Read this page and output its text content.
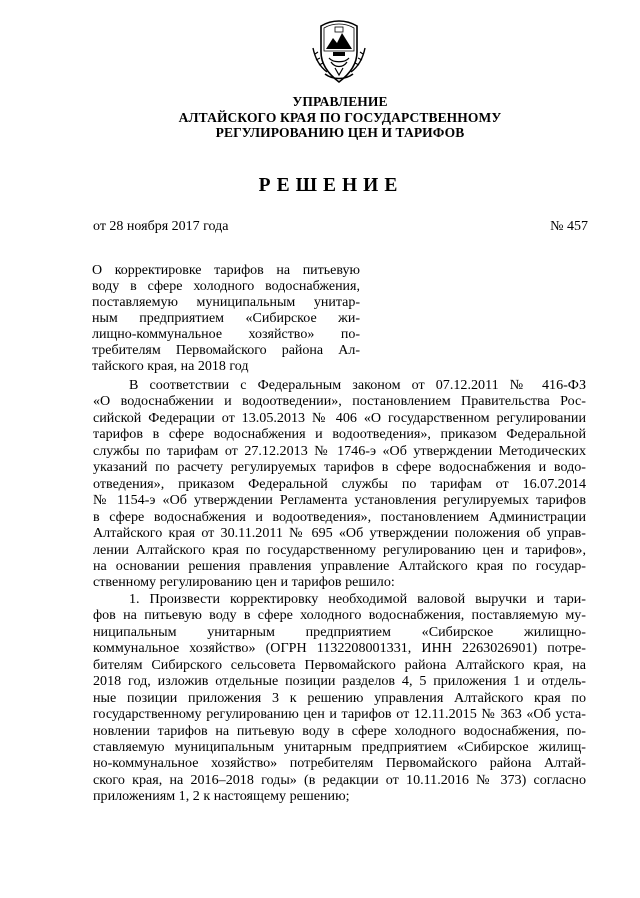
УПРАВЛЕНИЕ
АЛТАЙСКОГО КРАЯ ПО ГОСУДАРСТВЕННОМУ
РЕГУЛИРОВАНИЮ ЦЕН И ТАРИФОВ
РЕШЕНИЕ
от 28 ноября 2017 года	№ 457
О корректировке тарифов на питьевую
воду в сфере холодного водоснабжения,
поставляемую муниципальным унитар-
ным предприятием «Сибирское жи-
лищно-коммунальное хозяйство» по-
требителям Первомайского района Ал-
тайского края, на 2018 год
В соответствии с Федеральным законом от 07.12.2011 № 416-ФЗ
«О водоснабжении и водоотведении», постановлением Правительства Рос-
сийской Федерации от 13.05.2013 № 406 «О государственном регулировании
тарифов в сфере водоснабжения и водоотведения», приказом Федеральной
службы по тарифам от 27.12.2013 № 1746-э «Об утверждении Методических
указаний по расчету регулируемых тарифов в сфере водоснабжения и водо-
отведения», приказом Федеральной службы по тарифам от 16.07.2014
№ 1154-э «Об утверждении Регламента установления регулируемых тарифов
в сфере водоснабжения и водоотведения», постановлением Администрации
Алтайского края от 30.11.2011 № 695 «Об утверждении положения об управ-
лении Алтайского края по государственному регулированию цен и тарифов»,
на основании решения правления управление Алтайского края по государ-
ственному регулированию цен и тарифов решило:
1. Произвести корректировку необходимой валовой выручки и тари-
фов на питьевую воду в сфере холодного водоснабжения, поставляемую му-
ниципальным унитарным предприятием «Сибирское жилищно-
коммунальное хозяйство» (ОГРН 1132208001331, ИНН 2263026901) потре-
бителям Сибирского сельсовета Первомайского района Алтайского края, на
2018 год, изложив отдельные позиции разделов 4, 5 приложения 1 и отдель-
ные позиции приложения 3 к решению управления Алтайского края по
государственному регулированию цен и тарифов от 12.11.2015 № 363 «Об уста-
новлении тарифов на питьевую воду в сфере холодного водоснабжения, по-
ставляемую муниципальным унитарным предприятием «Сибирское жилищ-
но-коммунальное хозяйство» потребителям Первомайского района Алтай-
ского края, на 2016–2018 годы» (в редакции от 10.11.2016 № 373) согласно
приложениям 1, 2 к настоящему решению;
